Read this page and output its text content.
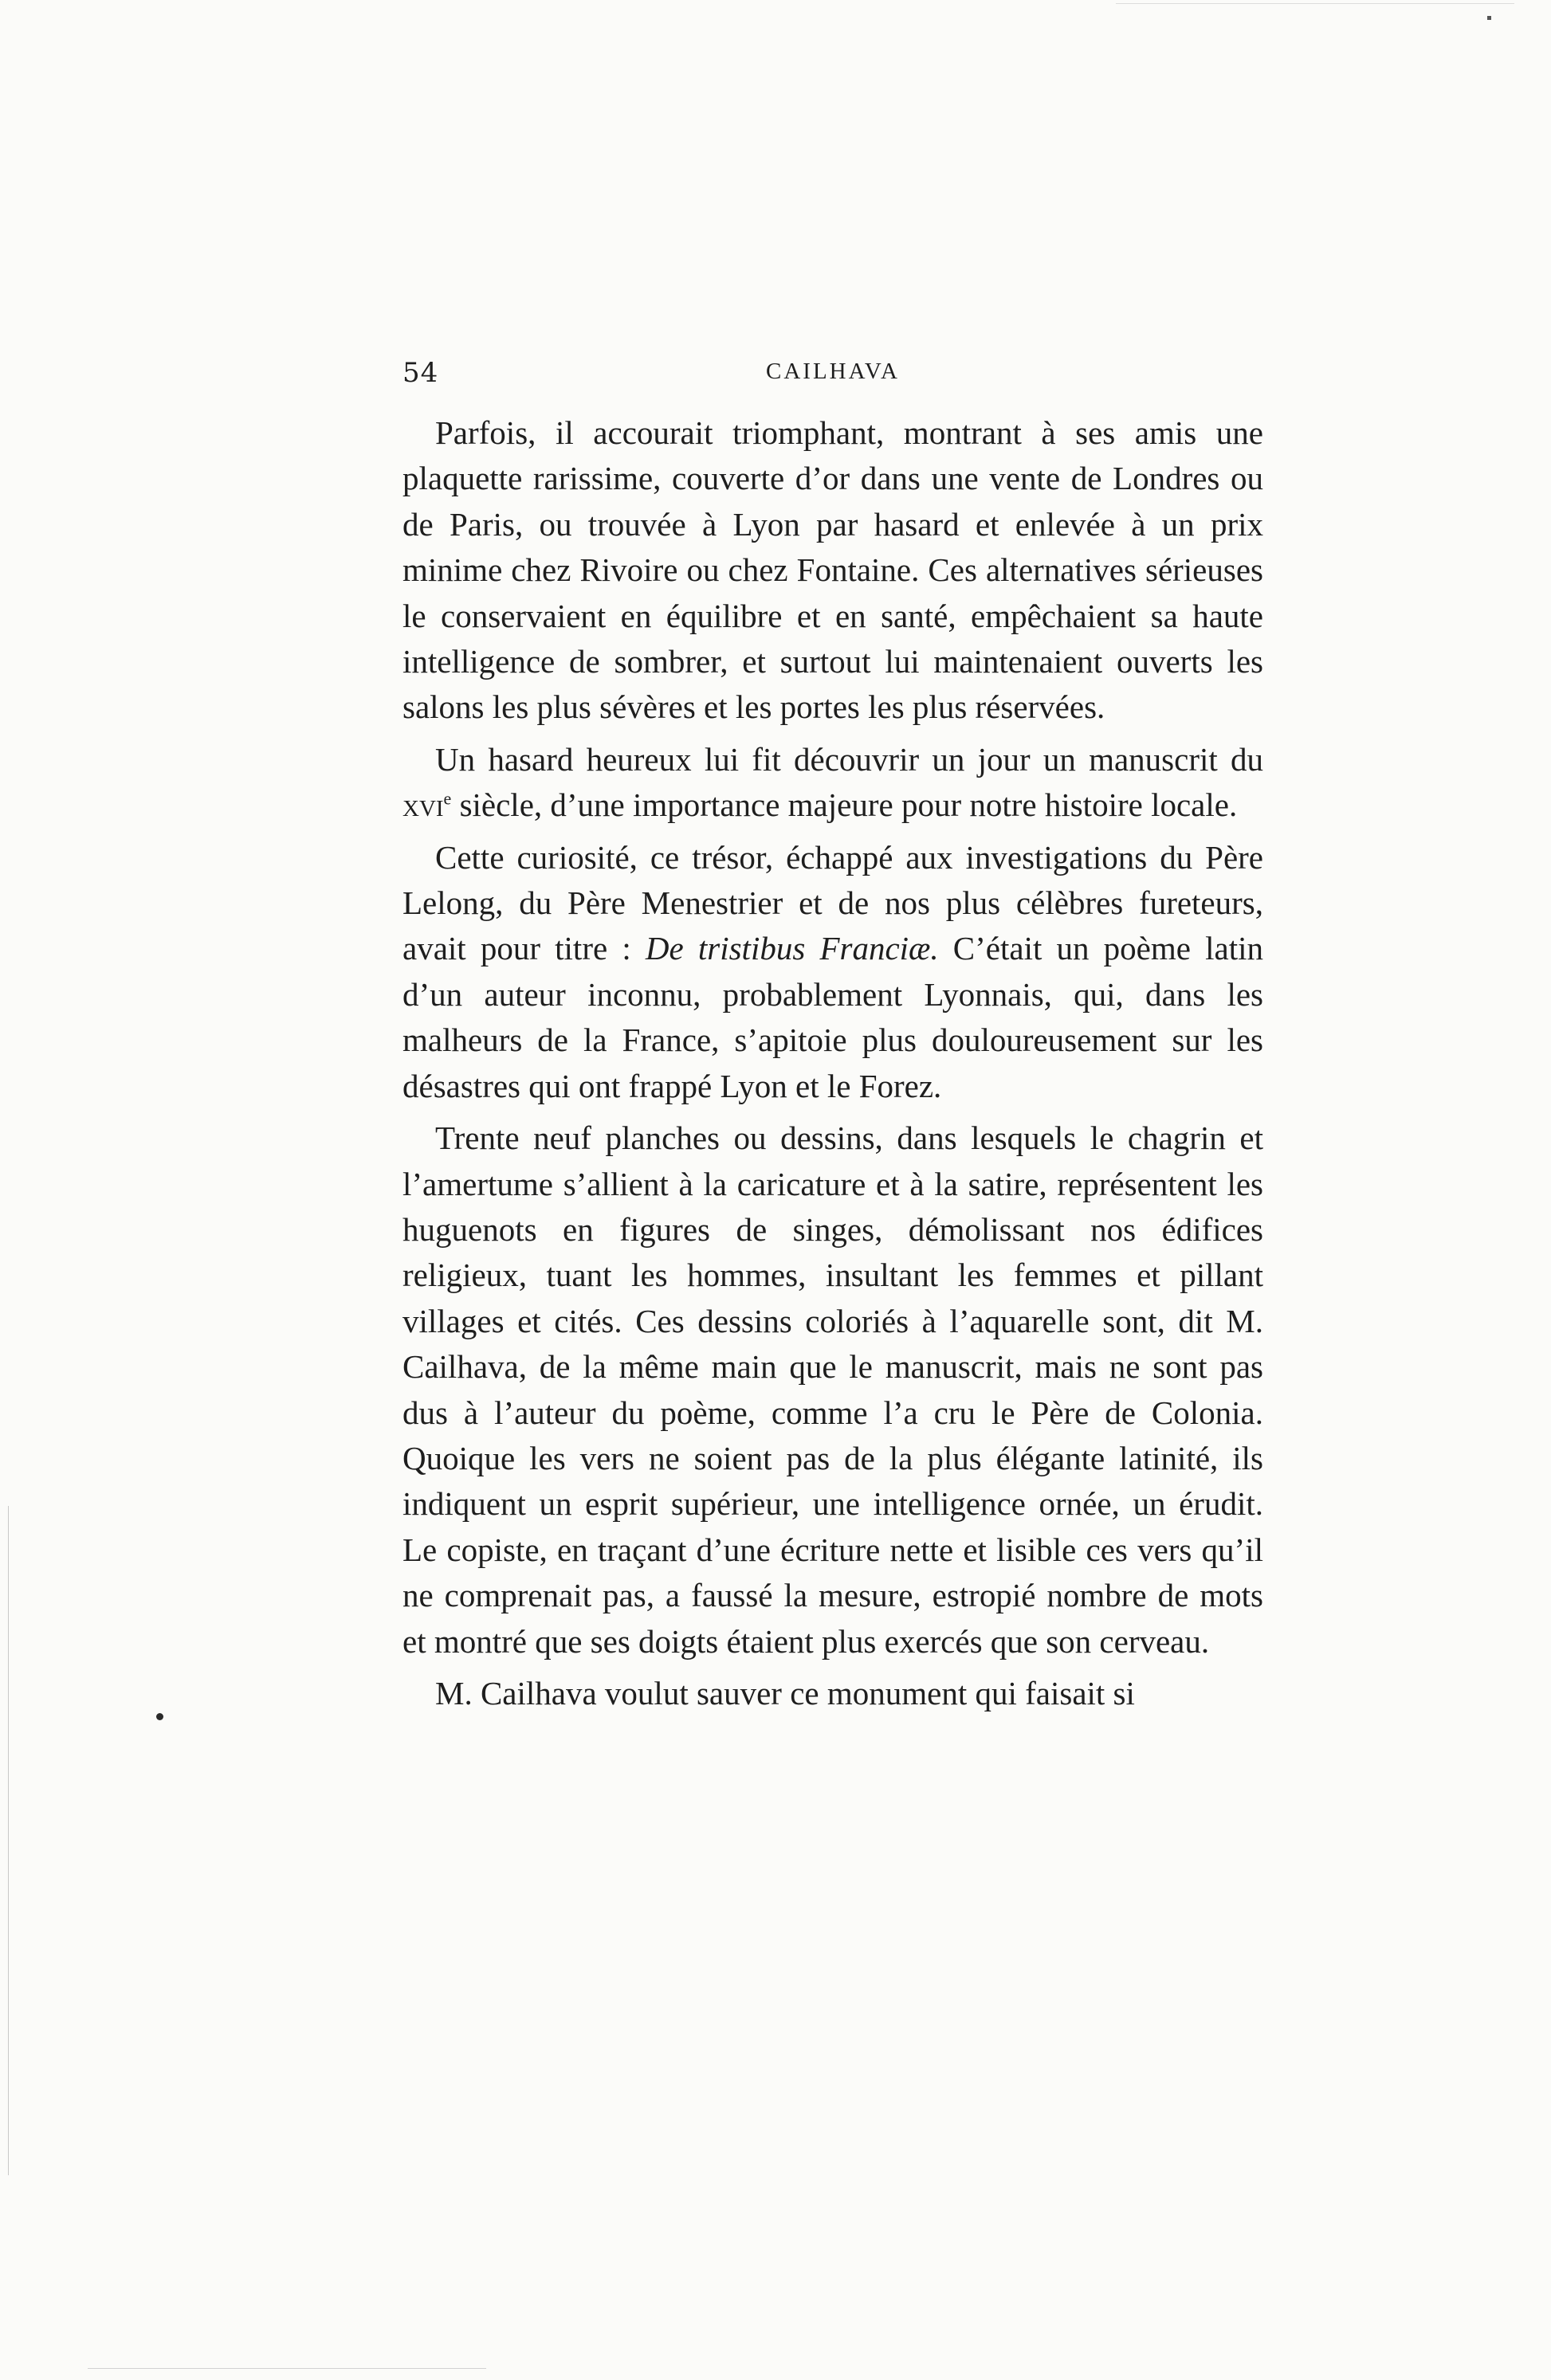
54	CAILHAVA

Parfois, il accourait triomphant, montrant à ses amis une plaquette rarissime, couverte d’or dans une vente de Londres ou de Paris, ou trouvée à Lyon par hasard et enlevée à un prix minime chez Rivoire ou chez Fontaine. Ces alternatives sérieuses le conservaient en équilibre et en santé, empêchaient sa haute intelligence de sombrer, et surtout lui maintenaient ouverts les salons les plus sévères et les portes les plus réservées.

Un hasard heureux lui fit découvrir un jour un manuscrit du xvi$^e$ siècle, d’une importance majeure pour notre histoire locale.

Cette curiosité, ce trésor, échappé aux investigations du Père Lelong, du Père Menestrier et de nos plus célèbres fureteurs, avait pour titre : De tristibus Franciæ. C’était un poème latin d’un auteur inconnu, probablement Lyonnais, qui, dans les malheurs de la France, s’apitoie plus douloureusement sur les désastres qui ont frappé Lyon et le Forez.

Trente neuf planches ou dessins, dans lesquels le chagrin et l’amertume s’allient à la caricature et à la satire, représentent les huguenots en figures de singes, démolissant nos édifices religieux, tuant les hommes, insultant les femmes et pillant villages et cités. Ces dessins coloriés à l’aquarelle sont, dit M. Cailhava, de la même main que le manuscrit, mais ne sont pas dus à l’auteur du poème, comme l’a cru le Père de Colonia. Quoique les vers ne soient pas de la plus élégante latinité, ils indiquent un esprit supérieur, une intelligence ornée, un érudit. Le copiste, en traçant d’une écriture nette et lisible ces vers qu’il ne comprenait pas, a faussé la mesure, estropié nombre de mots et montré que ses doigts étaient plus exercés que son cerveau.

M. Cailhava voulut sauver ce monument qui faisait si
